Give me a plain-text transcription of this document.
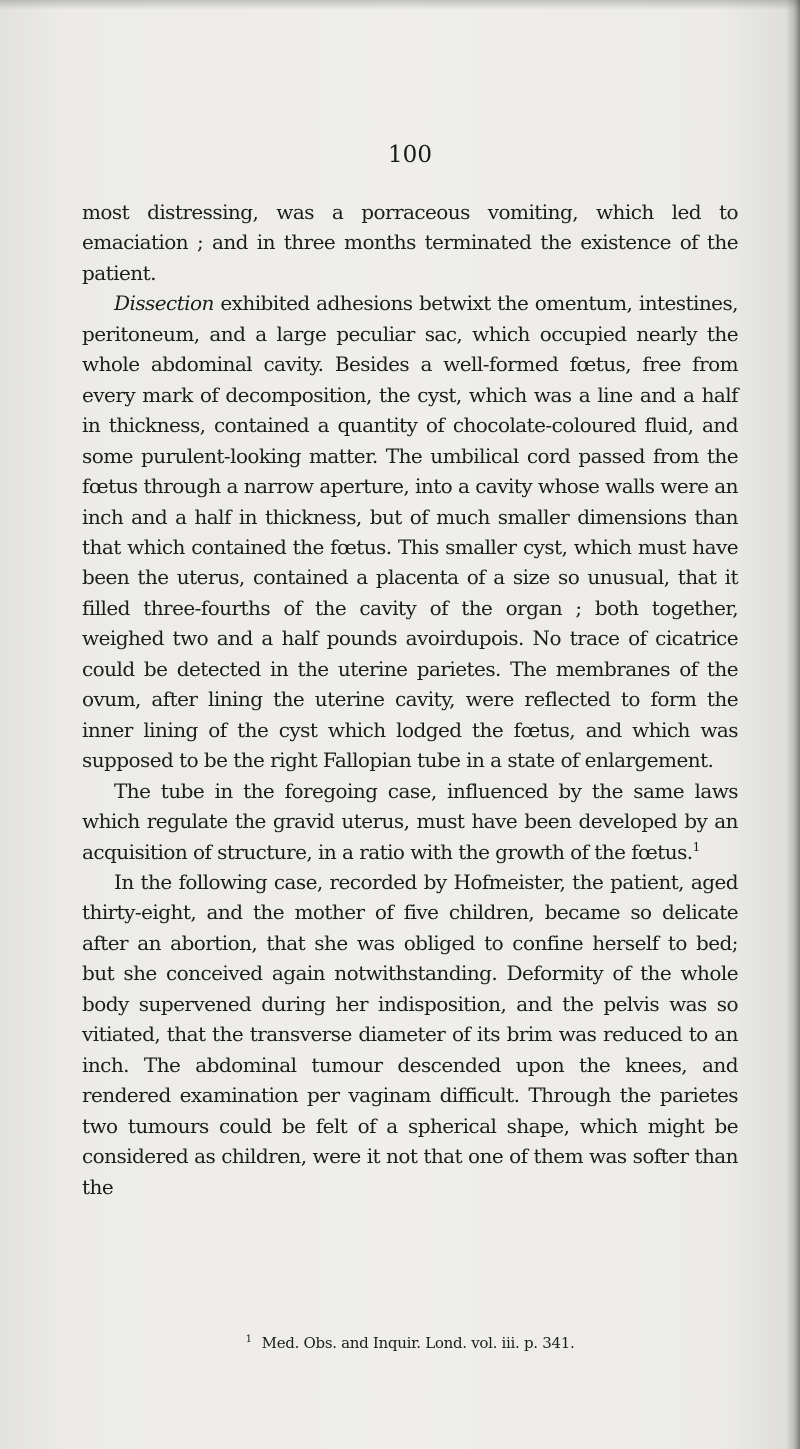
100

most distressing, was a porraceous vomiting, which led to emaciation ; and in three months terminated the existence of the patient.

Dissection exhibited adhesions betwixt the omentum, intestines, peritoneum, and a large peculiar sac, which occupied nearly the whole abdominal cavity. Besides a well-formed fœtus, free from every mark of decomposition, the cyst, which was a line and a half in thickness, contained a quantity of chocolate-coloured fluid, and some purulent-looking matter. The umbilical cord passed from the fœtus through a narrow aperture, into a cavity whose walls were an inch and a half in thickness, but of much smaller dimensions than that which contained the fœtus. This smaller cyst, which must have been the uterus, contained a placenta of a size so unusual, that it filled three-fourths of the cavity of the organ ; both together, weighed two and a half pounds avoirdupois. No trace of cicatrice could be detected in the uterine parietes. The membranes of the ovum, after lining the uterine cavity, were reflected to form the inner lining of the cyst which lodged the fœtus, and which was supposed to be the right Fallopian tube in a state of enlargement.

The tube in the foregoing case, influenced by the same laws which regulate the gravid uterus, must have been developed by an acquisition of structure, in a ratio with the growth of the fœtus.$^1$

In the following case, recorded by Hofmeister, the patient, aged thirty-eight, and the mother of five children, became so delicate after an abortion, that she was obliged to confine herself to bed; but she conceived again notwithstanding. Deformity of the whole body supervened during her indisposition, and the pelvis was so vitiated, that the transverse diameter of its brim was reduced to an inch. The abdominal tumour descended upon the knees, and rendered examination per vaginam difficult. Through the parietes two tumours could be felt of a spherical shape, which might be considered as children, were it not that one of them was softer than the

$^1$ Med. Obs. and Inquir. Lond. vol. iii. p. 341.
